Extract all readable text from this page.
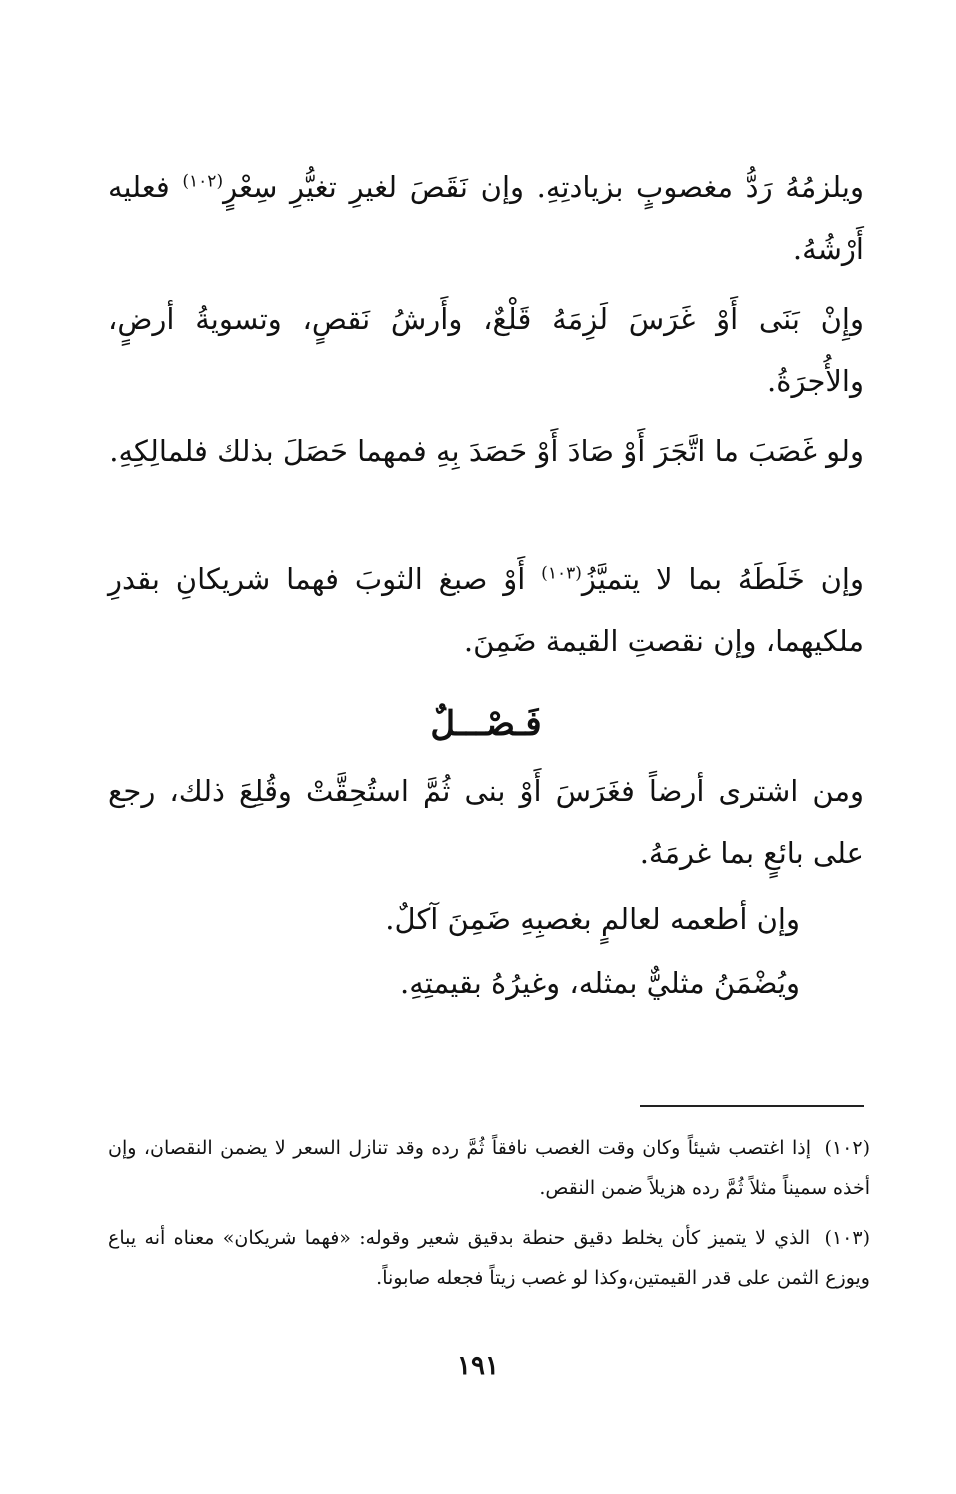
ويلزمُهُ رَدُّ مغصوبٍ بزيادتِهِ. وإن نَقَصَ لغيرِ تغيُّرِ سِعْرٍ$^{(١٠٢)}$ فعليه أَرْشُهُ.
وإِنْ بَنَى أَوْ غَرَسَ لَزِمَهُ قَلْعٌ، وأَرشُ نَقصٍ، وتسويةُ أرضٍ، والأُجرَةُ.
ولو غَصَبَ ما اتَّجَرَ أَوْ صَادَ أَوْ حَصَدَ بِهِ فمهما حَصَلَ بذلك فلمالِكِهِ.
وإن خَلَطَهُ بما لا يتميَّزُ$^{(١٠٣)}$ أَوْ صبغ الثوبَ فهما شريكانِ بقدرِ ملكيهما، وإن نقصتِ القيمة ضَمِنَ.
فَـصْـــلٌ
ومن اشترى أرضاً فغَرَسَ أَوْ بنى ثُمَّ استُحِقَّتْ وقُلِعَ ذلك، رجع على بائعٍ بما غرمَهُ.
وإن أطعمه لعالمٍ بغصبِهِ ضَمِنَ آكلٌ.
ويُضْمَنُ مثليٌّ بمثله، وغيرُهُ بقيمتِهِ.
(١٠٢) إذا اغتصب شيئاً وكان وقت الغصب نافقاً ثُمَّ رده وقد تنازل السعر لا يضمن النقصان، وإن أخذه سميناً مثلاً ثُمَّ رده هزيلاً ضمن النقص.
(١٠٣) الذي لا يتميز كأن يخلط دقيق حنطة بدقيق شعير وقوله: «فهما شريكان» معناه أنه يباع ويوزع الثمن على قدر القيمتين،وكذا لو غصب زيتاً فجعله صابوناً.
١٩١
